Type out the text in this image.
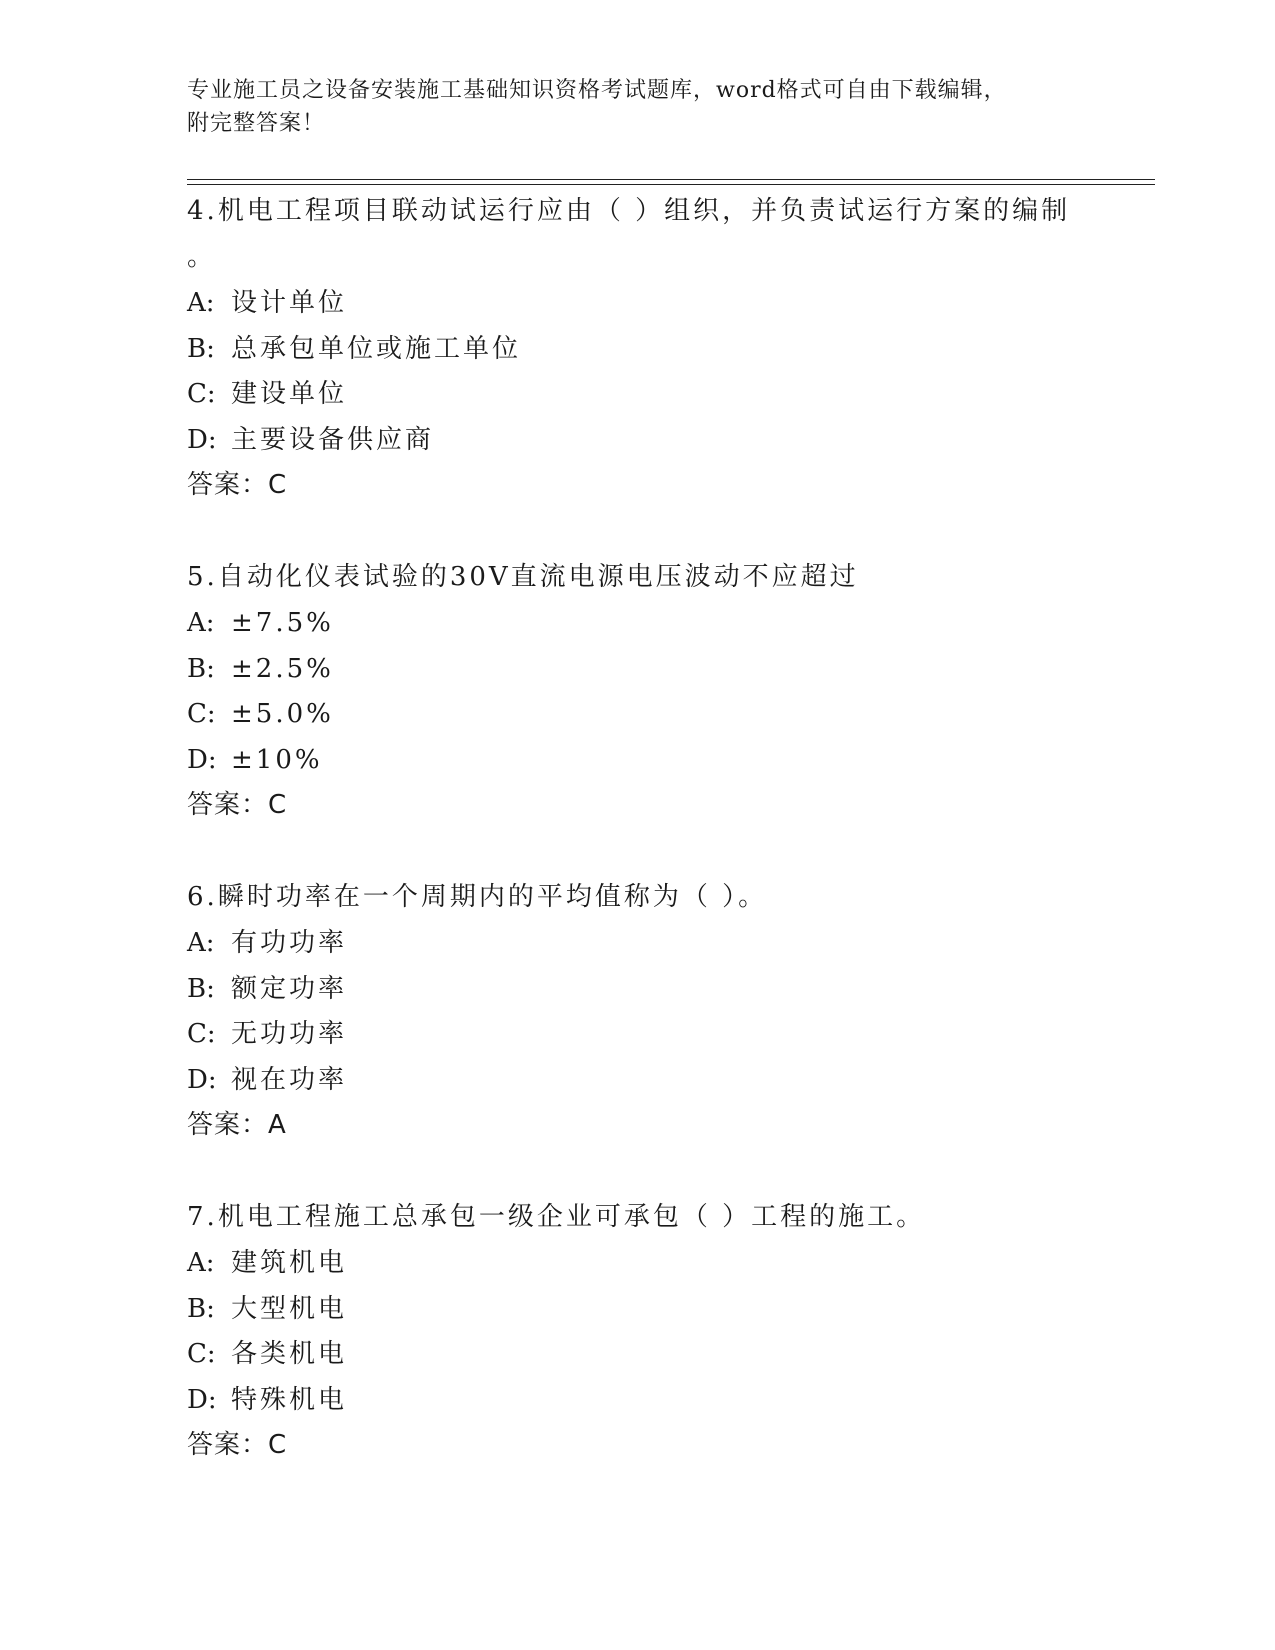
专业施工员之设备安装施工基础知识资格考试题库，word格式可自由下载编辑，
附完整答案！
4.机电工程项目联动试运行应由（ ）组织，并负责试运行方案的编制
。
A: 设计单位
B: 总承包单位或施工单位
C: 建设单位
D: 主要设备供应商
答案：C
5.自动化仪表试验的30V直流电源电压波动不应超过
A: ±7.5%
B: ±2.5%
C: ±5.0%
D: ±10%
答案：C
6.瞬时功率在一个周期内的平均值称为（ ）。
A: 有功功率
B: 额定功率
C: 无功功率
D: 视在功率
答案：A
7.机电工程施工总承包一级企业可承包（ ）工程的施工。
A: 建筑机电
B: 大型机电
C: 各类机电
D: 特殊机电
答案：C
